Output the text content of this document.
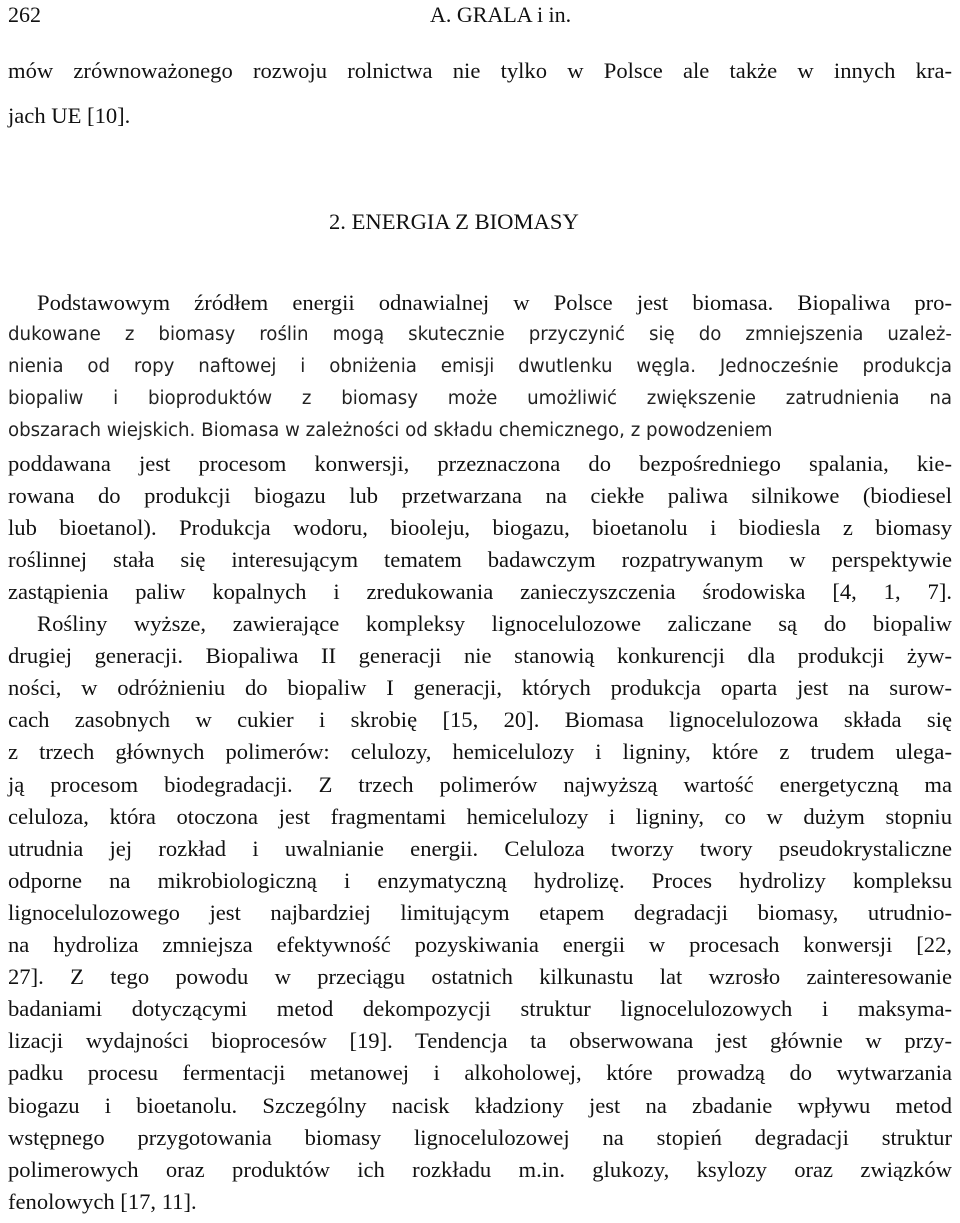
262	A. GRALA i in.
mów zrównoważonego rozwoju rolnictwa nie tylko w Polsce ale także w innych kra-
jach UE [10].
2. ENERGIA Z BIOMASY
Podstawowym źródłem energii odnawialnej w Polsce jest biomasa. Biopaliwa pro-
dukowane z biomasy roślin mogą skutecznie przyczynić się do zmniejszenia uzależ-
nienia od ropy naftowej i obniżenia emisji dwutlenku węgla. Jednocześnie produkcja
biopaliw i bioproduktów z biomasy może umożliwić zwiększenie zatrudnienia na
obszarach wiejskich. Biomasa w zależności od składu chemicznego, z powodzeniem
poddawana jest procesom konwersji, przeznaczona do bezpośredniego spalania, kie-
rowana do produkcji biogazu lub przetwarzana na ciekłe paliwa silnikowe (biodiesel
lub bioetanol). Produkcja wodoru, biooleju, biogazu, bioetanolu i biodiesla z biomasy
roślinnej stała się interesującym tematem badawczym rozpatrywanym w perspektywie
zastąpienia paliw kopalnych i zredukowania zanieczyszczenia środowiska [4, 1, 7].
Rośliny wyższe, zawierające kompleksy lignocelulozowe zaliczane są do biopaliw
drugiej generacji. Biopaliwa II generacji nie stanowią konkurencji dla produkcji żyw-
ności, w odróżnieniu do biopaliw I generacji, których produkcja oparta jest na surow-
cach zasobnych w cukier i skrobię [15, 20]. Biomasa lignocelulozowa składa się
z trzech głównych polimerów: celulozy, hemicelulozy i ligniny, które z trudem ulega-
ją procesom biodegradacji. Z trzech polimerów najwyższą wartość energetyczną ma
celuloza, która otoczona jest fragmentami hemicelulozy i ligniny, co w dużym stopniu
utrudnia jej rozkład i uwalnianie energii. Celuloza tworzy twory pseudokrystaliczne
odporne na mikrobiologiczną i enzymatyczną hydrolizę. Proces hydrolizy kompleksu
lignocelulozowego jest najbardziej limitującym etapem degradacji biomasy, utrudnio-
na hydroliza zmniejsza efektywność pozyskiwania energii w procesach konwersji [22,
27]. Z tego powodu w przeciągu ostatnich kilkunastu lat wzrosło zainteresowanie
badaniami dotyczącymi metod dekompozycji struktur lignocelulozowych i maksyma-
lizacji wydajności bioprocesów [19]. Tendencja ta obserwowana jest głównie w przy-
padku procesu fermentacji metanowej i alkoholowej, które prowadzą do wytwarzania
biogazu i bioetanolu. Szczególny nacisk kładziony jest na zbadanie wpływu metod
wstępnego przygotowania biomasy lignocelulozowej na stopień degradacji struktur
polimerowych oraz produktów ich rozkładu m.in. glukozy, ksylozy oraz związków
fenolowych [17, 11].
